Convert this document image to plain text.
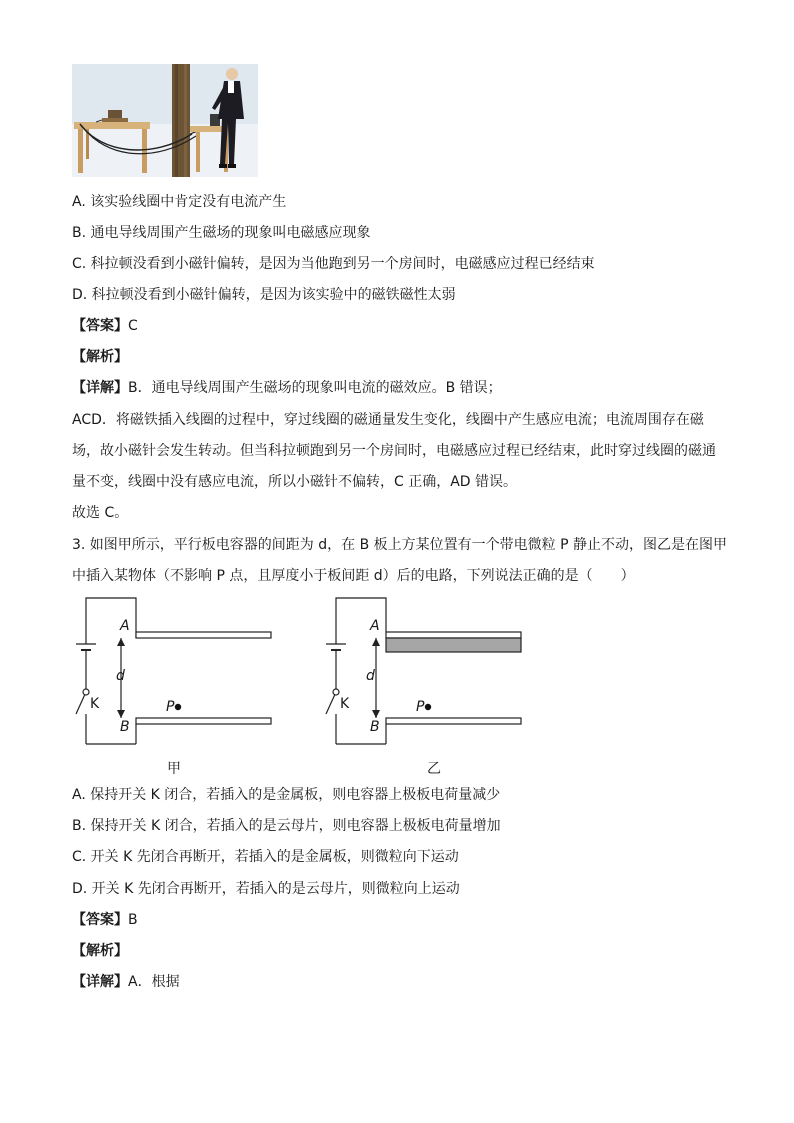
A. 该实验线圈中肯定没有电流产生
B. 通电导线周围产生磁场的现象叫电磁感应现象
C. 科拉顿没看到小磁针偏转，是因为当他跑到另一个房间时，电磁感应过程已经结束
D. 科拉顿没看到小磁针偏转，是因为该实验中的磁铁磁性太弱
【答案】C
【解析】
【详解】B．通电导线周围产生磁场的现象叫电流的磁效应。B 错误；
ACD．将磁铁插入线圈的过程中，穿过线圈的磁通量发生变化，线圈中产生感应电流；电流周围存在磁
场，故小磁针会发生转动。但当科拉顿跑到另一个房间时，电磁感应过程已经结束，此时穿过线圈的磁通
量不变，线圈中没有感应电流，所以小磁针不偏转，C 正确，AD 错误。
故选 C。
3. 如图甲所示，平行板电容器的间距为 d，在 B 板上方某位置有一个带电微粒 P 静止不动，图乙是在图甲
中插入某物体（不影响 P 点，且厚度小于板间距 d）后的电路，下列说法正确的是（　　）
A
d
K	P
B
甲
A
d
K	P
B
乙
A. 保持开关 K 闭合，若插入的是金属板，则电容器上极板电荷量减少
B. 保持开关 K 闭合，若插入的是云母片，则电容器上极板电荷量增加
C. 开关 K 先闭合再断开，若插入的是金属板，则微粒向下运动
D. 开关 K 先闭合再断开，若插入的是云母片，则微粒向上运动
【答案】B
【解析】
【详解】A．根据
